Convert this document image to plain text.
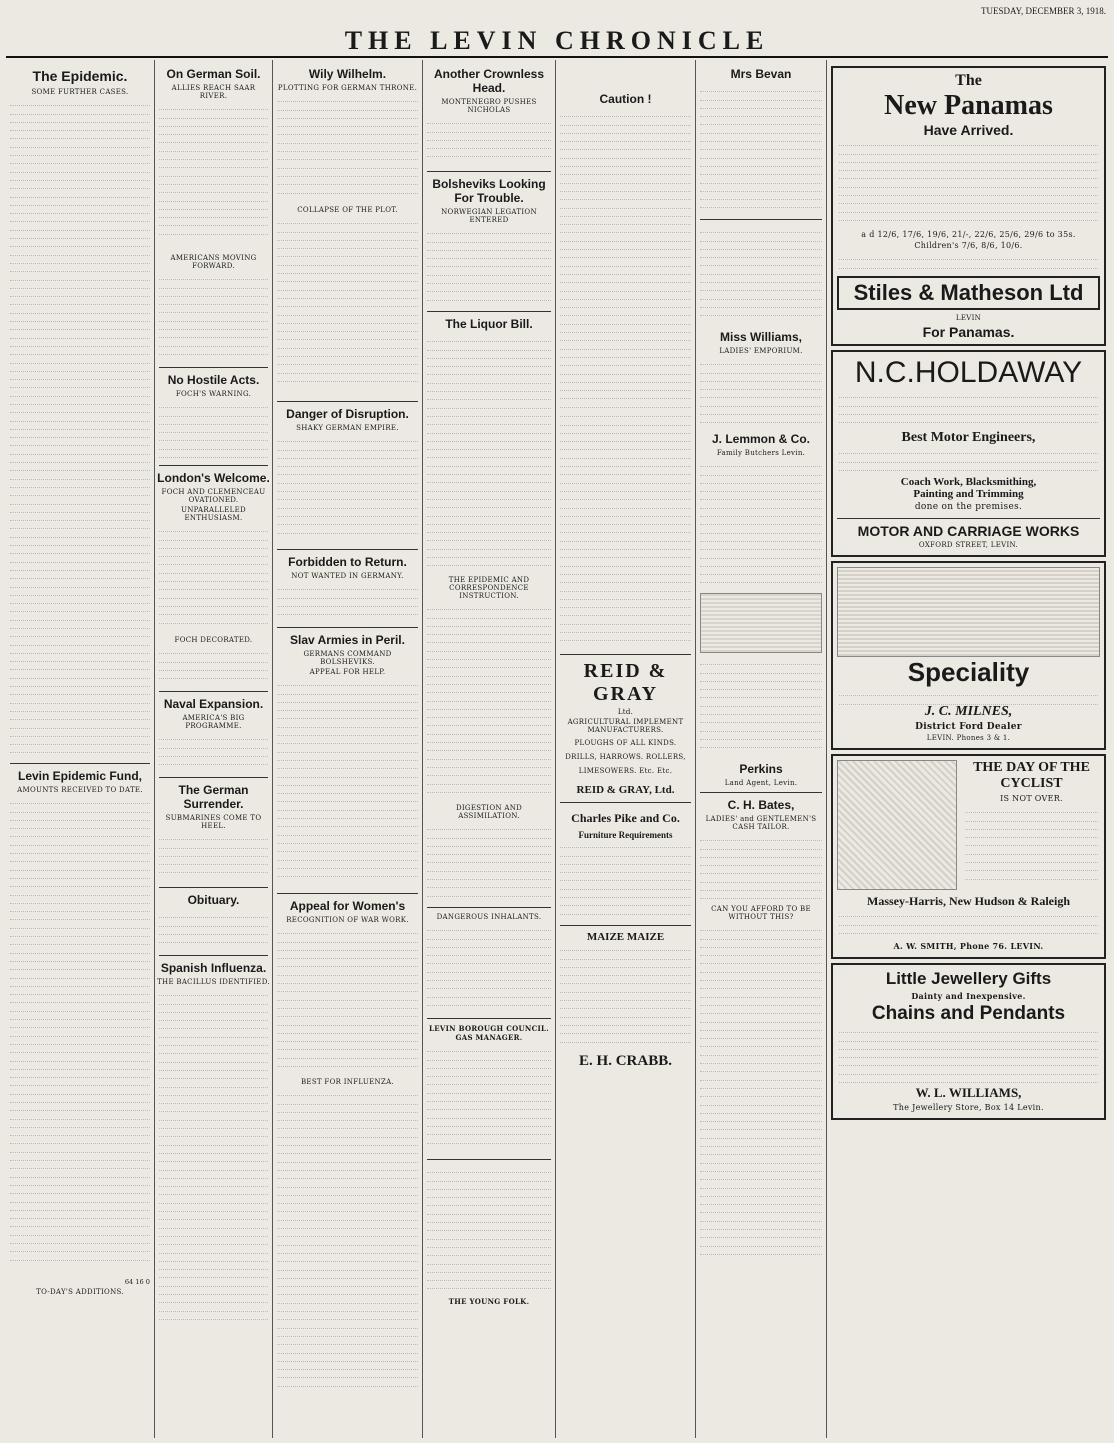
TUESDAY, DECEMBER 3, 1918.
THE LEVIN CHRONICLE
The Epidemic.
SOME FURTHER CASES.
Levin Epidemic Fund,
AMOUNTS RECEIVED TO DATE.
64 16 0
TO-DAY'S ADDITIONS.
On German Soil.
ALLIES REACH SAAR RIVER.
AMERICANS MOVING FORWARD.
No Hostile Acts.
FOCH'S WARNING.
London's Welcome.
FOCH AND CLEMENCEAU OVATIONED.
UNPARALLELED ENTHUSIASM.
FOCH DECORATED.
Naval Expansion.
AMERICA'S BIG PROGRAMME.
The German Surrender.
SUBMARINES COME TO HEEL.
Obituary.
Spanish Influenza.
THE BACILLUS IDENTIFIED.
Wily Wilhelm.
PLOTTING FOR GERMAN THRONE.
COLLAPSE OF THE PLOT.
Danger of Disruption.
SHAKY GERMAN EMPIRE.
Forbidden to Return.
NOT WANTED IN GERMANY.
Slav Armies in Peril.
GERMANS COMMAND BOLSHEVIKS.
APPEAL FOR HELP.
Appeal for Women's
RECOGNITION OF WAR WORK.
BEST FOR INFLUENZA.
Another Crownless Head.
MONTENEGRO PUSHES NICHOLAS
Bolsheviks Looking For Trouble.
NORWEGIAN LEGATION ENTERED
The Liquor Bill.
THE EPIDEMIC AND CORRESPONDENCE INSTRUCTION.
DIGESTION AND ASSIMILATION.
DANGEROUS INHALANTS.
LEVIN BOROUGH COUNCIL. GAS MANAGER.
THE YOUNG FOLK.
Caution !
REID & GRAY
Ltd.
AGRICULTURAL IMPLEMENT MANUFACTURERS.
PLOUGHS OF ALL KINDS. DRILLS, HARROWS. ROLLERS, LIMESOWERS. Etc. Etc.
REID & GRAY, Ltd.
Charles Pike and Co.
Furniture Requirements
MAIZE MAIZE
E. H. CRABB.
Mrs Bevan
Miss Williams,
LADIES' EMPORIUM.
J. Lemmon & Co.
Family Butchers Levin.
Perkins
Land Agent, Levin.
C. H. Bates,
LADIES' and GENTLEMEN'S CASH TAILOR.
CAN YOU AFFORD TO BE WITHOUT THIS?
The
New Panamas
Have Arrived.
a d 12/6, 17/6, 19/6, 21/-, 22/6, 25/6, 29/6 to 35s.
Children's 7/6, 8/6, 10/6.
Stiles & Matheson Ltd
LEVIN
For Panamas.
N.C.HOLDAWAY
Best Motor Engineers,
Coach Work, Blacksmithing,
Painting and Trimming
done on the premises.
MOTOR AND CARRIAGE WORKS
OXFORD STREET, LEVIN.
Speciality
J. C. MILNES,
District Ford Dealer
LEVIN. Phones 3 & 1.
THE DAY OF THE CYCLIST
IS NOT OVER.
Massey-Harris, New Hudson & Raleigh
A. W. SMITH, Phone 76. LEVIN.
Little Jewellery Gifts
Dainty and Inexpensive.
Chains and Pendants
W. L. WILLIAMS,
The Jewellery Store, Box 14 Levin.
